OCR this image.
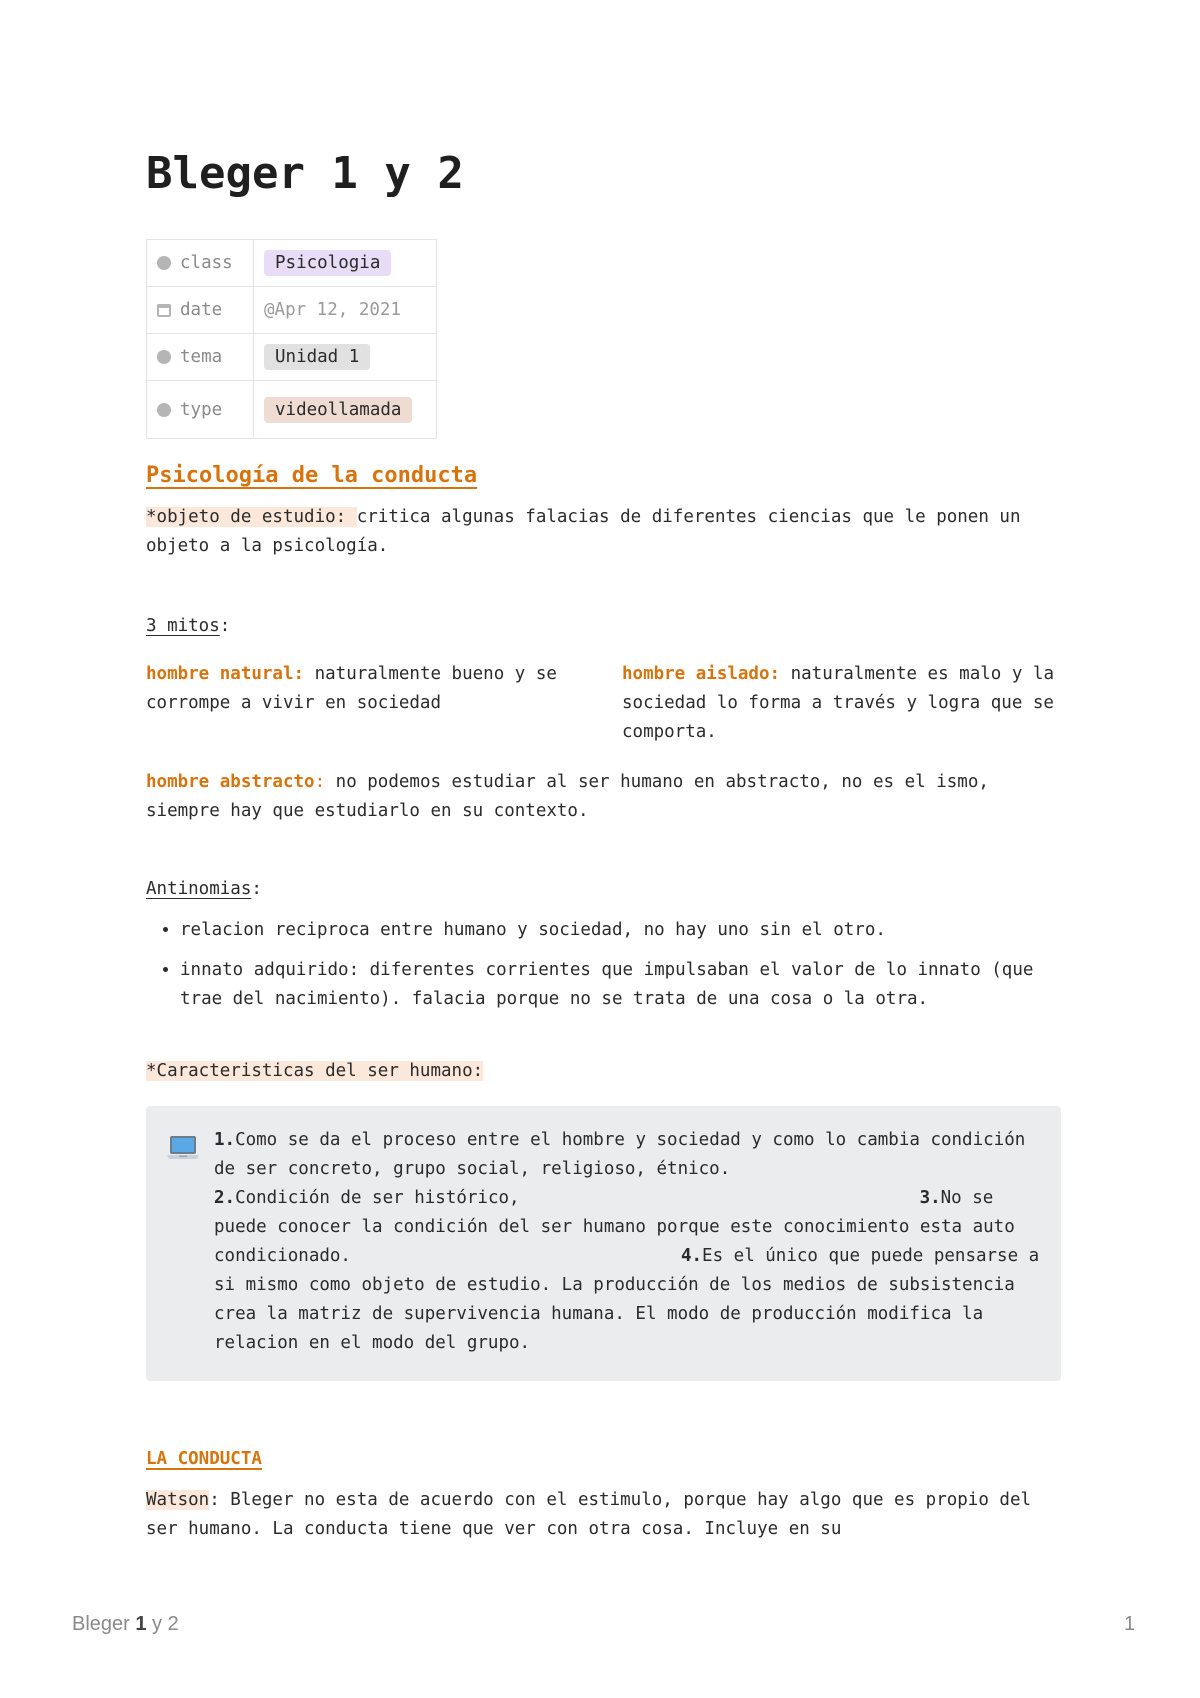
Bleger 1 y 2
class	Psicologia
date	@Apr 12, 2021
tema	Unidad 1
type	videollamada
Psicología de la conducta

*objeto de estudio: critica algunas falacias de diferentes ciencias que le ponen un objeto a la psicología.

3 mitos:

hombre natural: naturalmente bueno y se corrompe a vivir en sociedad

hombre aislado: naturalmente es malo y la sociedad lo forma a través y logra que se comporta.

hombre abstracto: no podemos estudiar al ser humano en abstracto, no es el ismo, siempre hay que estudiarlo en su contexto.

Antinomias:

• relacion reciproca entre humano y sociedad, no hay uno sin el otro.
• innato adquirido: diferentes corrientes que impulsaban el valor de lo innato (que trae del nacimiento). falacia porque no se trata de una cosa o la otra.

*Caracteristicas del ser humano:

1.Como se da el proceso entre el hombre y sociedad y como lo cambia condición de ser concreto, grupo social, religioso, étnico.
2.Condición de ser histórico,	3.No se puede conocer la condición del ser humano porque este conocimiento esta auto condicionado.	4.Es el único que puede pensarse a si mismo como objeto de estudio. La producción de los medios de subsistencia crea la matriz de supervivencia humana. El modo de producción modifica la relacion en el modo del grupo.
LA CONDUCTA

Watson: Bleger no esta de acuerdo con el estimulo, porque hay algo que es propio del ser humano. La conducta tiene que ver con otra cosa. Incluye en su

Bleger 1 y 2	1
